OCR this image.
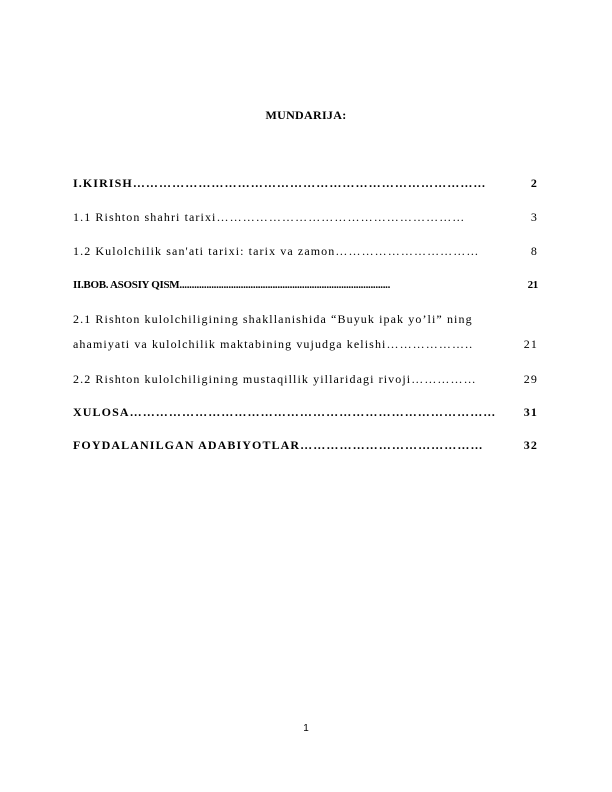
MUNDARIJA:
I.KIRISH………………………………………………………………………	2
1.1 Rishton shahri tarixi…………………………………………………	3
1.2 Kulolchilik san'ati tarixi: tarix va zamon……………………………	8
II.BOB. ASOSIY QISM......................................................................................	21
2.1 Rishton kulolchiligining shakllanishida “Buyuk ipak yo’li” ning
ahamiyati va kulolchilik maktabining vujudga kelishi………………..	21
2.2 Rishton kulolchiligining mustaqillik yillaridagi rivoji……………	29
XULOSA………………………………………………………………………… 31
FOYDALANILGAN ADABIYOTLAR……………………………………	32
1
